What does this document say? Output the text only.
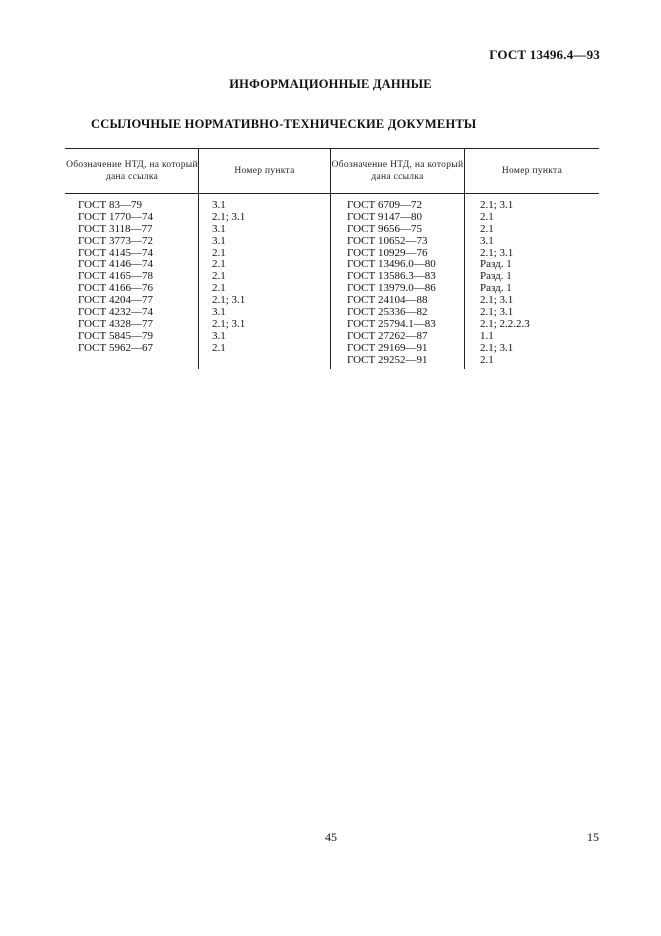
ГОСТ 13496.4—93
ИНФОРМАЦИОННЫЕ ДАННЫЕ
ССЫЛОЧНЫЕ НОРМАТИВНО-ТЕХНИЧЕСКИЕ ДОКУМЕНТЫ
Обозначение НТД, на который дана ссылка
Номер пункта
Обозначение НТД, на который дана ссылка
Номер пункта
ГОСТ 83—79
ГОСТ 1770—74
ГОСТ 3118—77
ГОСТ 3773—72
ГОСТ 4145—74
ГОСТ 4146—74
ГОСТ 4165—78
ГОСТ 4166—76
ГОСТ 4204—77
ГОСТ 4232—74
ГОСТ 4328—77
ГОСТ 5845—79
ГОСТ 5962—67
3.1
2.1; 3.1
3.1
3.1
2.1
2.1
2.1
2.1
2.1; 3.1
3.1
2.1; 3.1
3.1
2.1
ГОСТ 6709—72
ГОСТ 9147—80
ГОСТ 9656—75
ГОСТ 10652—73
ГОСТ 10929—76
ГОСТ 13496.0—80
ГОСТ 13586.3—83
ГОСТ 13979.0—86
ГОСТ 24104—88
ГОСТ 25336—82
ГОСТ 25794.1—83
ГОСТ 27262—87
ГОСТ 29169—91
ГОСТ 29252—91
2.1; 3.1
2.1
2.1
3.1
2.1; 3.1
Разд. 1
Разд. 1
Разд. 1
2.1; 3.1
2.1; 3.1
2.1; 2.2.2.3
1.1
2.1; 3.1
2.1
45	15
